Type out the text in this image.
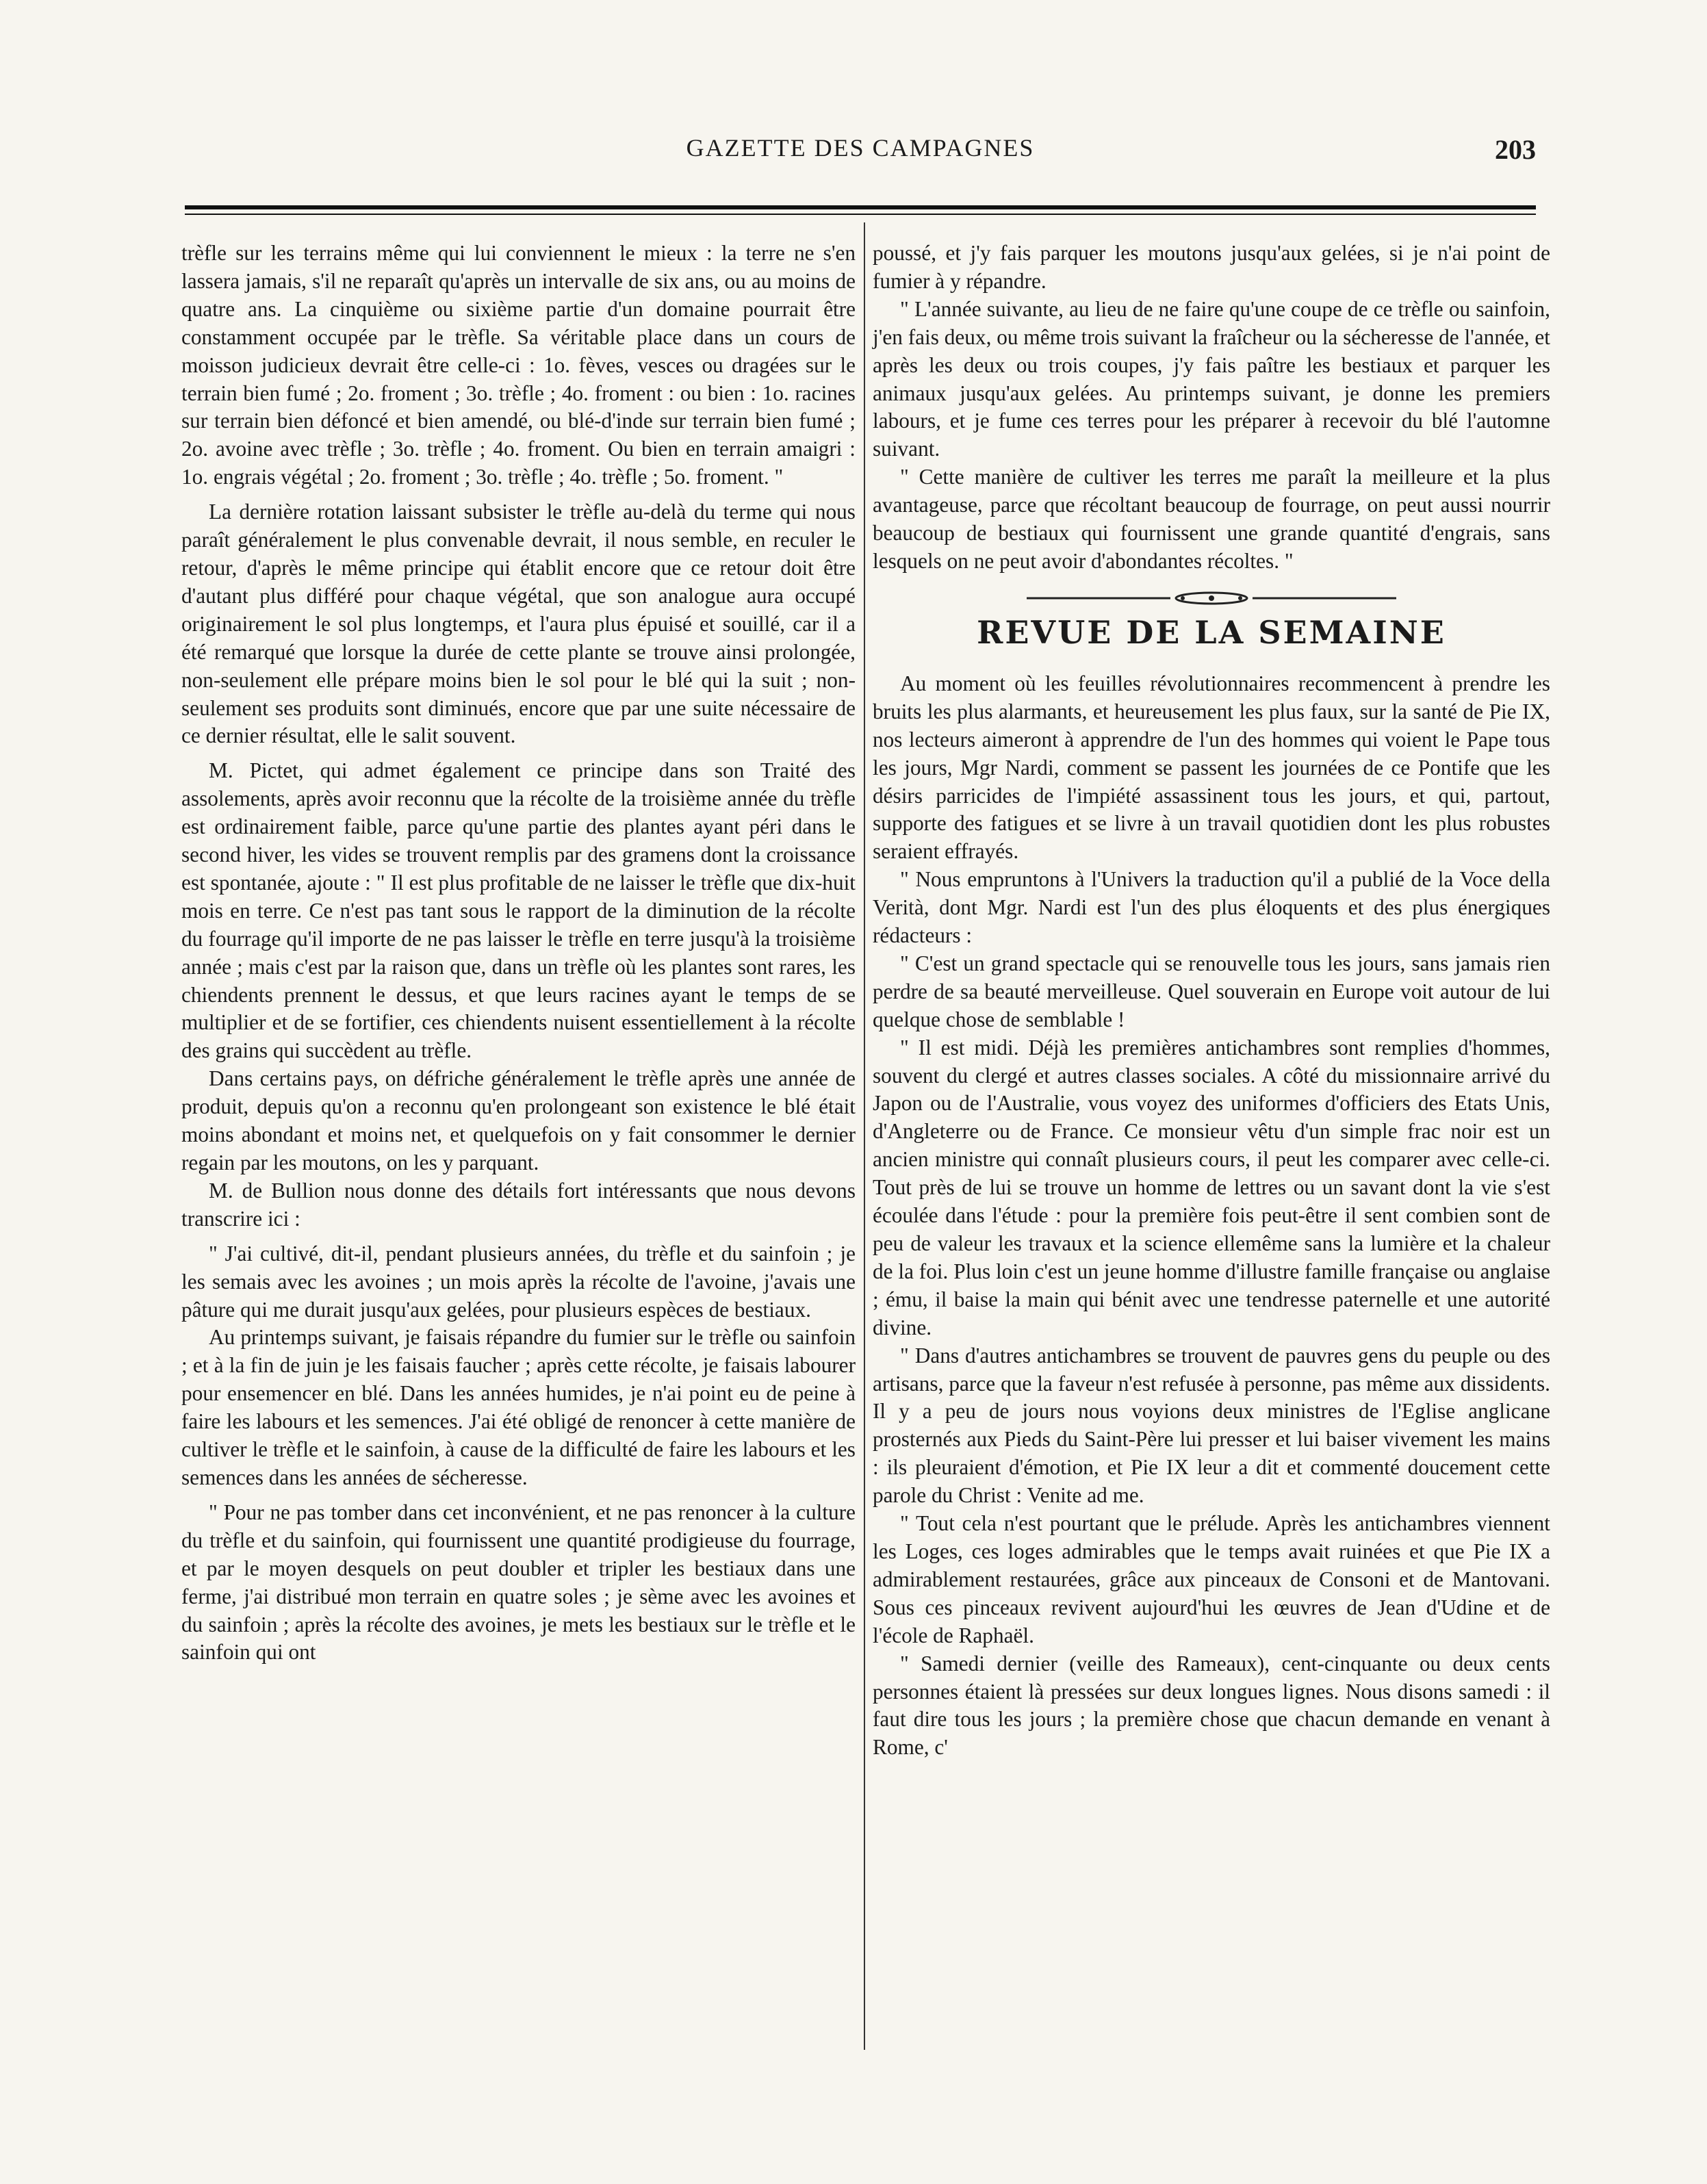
GAZETTE DES CAMPAGNES	203

trèfle sur les terrains même qui lui conviennent le mieux : la terre ne s'en lassera jamais, s'il ne reparaît qu'après un intervalle de six ans, ou au moins de quatre ans. La cinquième ou sixième partie d'un domaine pourrait être constamment occupée par le trèfle. Sa véritable place dans un cours de moisson judicieux devrait être celle-ci : 1o. fèves, vesces ou dragées sur le terrain bien fumé ; 2o. froment ; 3o. trèfle ; 4o. froment : ou bien : 1o. racines sur terrain bien défoncé et bien amendé, ou blé-d'inde sur terrain bien fumé ; 2o. avoine avec trèfle ; 3o. trèfle ; 4o. froment. Ou bien en terrain amaigri : 1o. engrais végétal ; 2o. froment ; 3o. trèfle ; 4o. trèfle ; 5o. froment. "

La dernière rotation laissant subsister le trèfle au-delà du terme qui nous paraît généralement le plus convenable devrait, il nous semble, en reculer le retour, d'après le même principe qui établit encore que ce retour doit être d'autant plus différé pour chaque végétal, que son analogue aura occupé originairement le sol plus longtemps, et l'aura plus épuisé et souillé, car il a été remarqué que lorsque la durée de cette plante se trouve ainsi prolongée, non-seulement elle prépare moins bien le sol pour le blé qui la suit ; non-seulement ses produits sont diminués, encore que par une suite nécessaire de ce dernier résultat, elle le salit souvent.

M. Pictet, qui admet également ce principe dans son Traité des assolements, après avoir reconnu que la récolte de la troisième année du trèfle est ordinairement faible, parce qu'une partie des plantes ayant péri dans le second hiver, les vides se trouvent remplis par des gramens dont la croissance est spontanée, ajoute : " Il est plus profitable de ne laisser le trèfle que dix-huit mois en terre. Ce n'est pas tant sous le rapport de la diminution de la récolte du fourrage qu'il importe de ne pas laisser le trèfle en terre jusqu'à la troisième année ; mais c'est par la raison que, dans un trèfle où les plantes sont rares, les chiendents prennent le dessus, et que leurs racines ayant le temps de se multiplier et de se fortifier, ces chiendents nuisent essentiellement à la récolte des grains qui succèdent au trèfle.

Dans certains pays, on défriche généralement le trèfle après une année de produit, depuis qu'on a reconnu qu'en prolongeant son existence le blé était moins abondant et moins net, et quelquefois on y fait consommer le dernier regain par les moutons, on les y parquant.

M. de Bullion nous donne des détails fort intéressants que nous devons transcrire ici :

" J'ai cultivé, dit-il, pendant plusieurs années, du trèfle et du sainfoin ; je les semais avec les avoines ; un mois après la récolte de l'avoine, j'avais une pâture qui me durait jusqu'aux gelées, pour plusieurs espèces de bestiaux.

Au printemps suivant, je faisais répandre du fumier sur le trèfle ou sainfoin ; et à la fin de juin je les faisais faucher ; après cette récolte, je faisais labourer pour ensemencer en blé. Dans les années humides, je n'ai point eu de peine à faire les labours et les semences. J'ai été obligé de renoncer à cette manière de cultiver le trèfle et le sainfoin, à cause de la difficulté de faire les labours et les semences dans les années de sécheresse.

" Pour ne pas tomber dans cet inconvénient, et ne pas renoncer à la culture du trèfle et du sainfoin, qui fournissent une quantité prodigieuse du fourrage, et par le moyen desquels on peut doubler et tripler les bestiaux dans une ferme, j'ai distribué mon terrain en quatre soles ; je sème avec les avoines et du sainfoin ; après la récolte des avoines, je mets les bestiaux sur le trèfle et le sainfoin qui ont

poussé, et j'y fais parquer les moutons jusqu'aux gelées, si je n'ai point de fumier à y répandre.

" L'année suivante, au lieu de ne faire qu'une coupe de ce trèfle ou sainfoin, j'en fais deux, ou même trois suivant la fraîcheur ou la sécheresse de l'année, et après les deux ou trois coupes, j'y fais paître les bestiaux et parquer les animaux jusqu'aux gelées. Au printemps suivant, je donne les premiers labours, et je fume ces terres pour les préparer à recevoir du blé l'automne suivant.

" Cette manière de cultiver les terres me paraît la meilleure et la plus avantageuse, parce que récoltant beaucoup de fourrage, on peut aussi nourrir beaucoup de bestiaux qui fournissent une grande quantité d'engrais, sans lesquels on ne peut avoir d'abondantes récoltes. "

REVUE DE LA SEMAINE

Au moment où les feuilles révolutionnaires recommencent à prendre les bruits les plus alarmants, et heureusement les plus faux, sur la santé de Pie IX, nos lecteurs aimeront à apprendre de l'un des hommes qui voient le Pape tous les jours, Mgr Nardi, comment se passent les journées de ce Pontife que les désirs parricides de l'impiété assassinent tous les jours, et qui, partout, supporte des fatigues et se livre à un travail quotidien dont les plus robustes seraient effrayés.

" Nous empruntons à l'Univers la traduction qu'il a publié de la Voce della Verità, dont Mgr. Nardi est l'un des plus éloquents et des plus énergiques rédacteurs :

" C'est un grand spectacle qui se renouvelle tous les jours, sans jamais rien perdre de sa beauté merveilleuse. Quel souverain en Europe voit autour de lui quelque chose de semblable !

" Il est midi. Déjà les premières antichambres sont remplies d'hommes, souvent du clergé et autres classes sociales. A côté du missionnaire arrivé du Japon ou de l'Australie, vous voyez des uniformes d'officiers des Etats Unis, d'Angleterre ou de France. Ce monsieur vêtu d'un simple frac noir est un ancien ministre qui connaît plusieurs cours, il peut les comparer avec celle-ci. Tout près de lui se trouve un homme de lettres ou un savant dont la vie s'est écoulée dans l'étude : pour la première fois peut-être il sent combien sont de peu de valeur les travaux et la science ellemême sans la lumière et la chaleur de la foi. Plus loin c'est un jeune homme d'illustre famille française ou anglaise ; ému, il baise la main qui bénit avec une tendresse paternelle et une autorité divine.

" Dans d'autres antichambres se trouvent de pauvres gens du peuple ou des artisans, parce que la faveur n'est refusée à personne, pas même aux dissidents. Il y a peu de jours nous voyions deux ministres de l'Eglise anglicane prosternés aux Pieds du Saint-Père lui presser et lui baiser vivement les mains : ils pleuraient d'émotion, et Pie IX leur a dit et commenté doucement cette parole du Christ : Venite ad me.

" Tout cela n'est pourtant que le prélude. Après les antichambres viennent les Loges, ces loges admirables que le temps avait ruinées et que Pie IX a admirablement restaurées, grâce aux pinceaux de Consoni et de Mantovani. Sous ces pinceaux revivent aujourd'hui les œuvres de Jean d'Udine et de l'école de Raphaël.

" Samedi dernier (veille des Rameaux), cent-cinquante ou deux cents personnes étaient là pressées sur deux longues lignes. Nous disons samedi : il faut dire tous les jours ; la première chose que chacun demande en venant à Rome, c'
